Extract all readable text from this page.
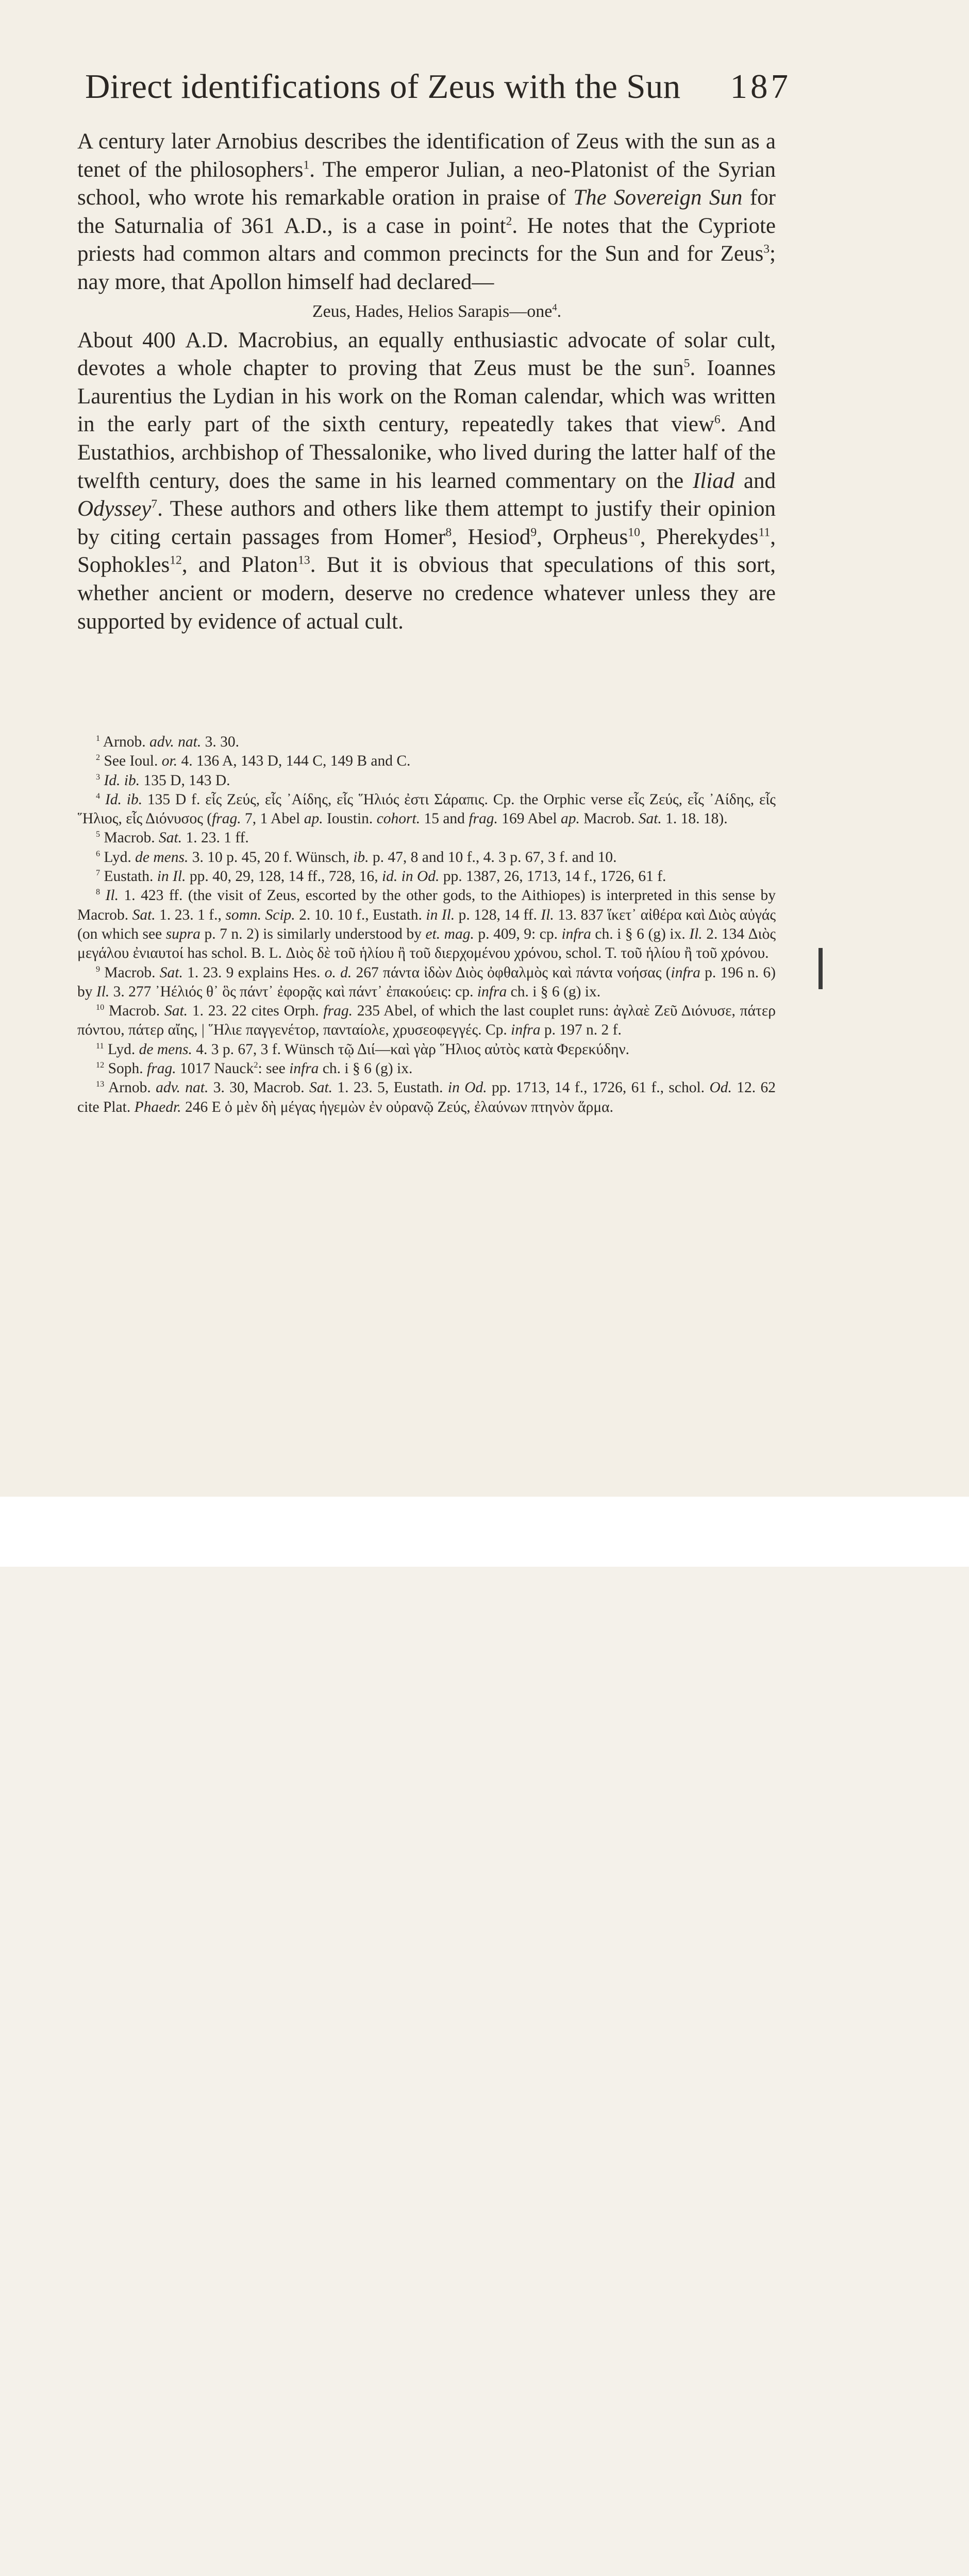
Direct identifications of Zeus with the Sun 187

A century later Arnobius describes the identification of Zeus with the sun as a tenet of the philosophers$^1$. The emperor Julian, a neo-Platonist of the Syrian school, who wrote his remarkable oration in praise of The Sovereign Sun for the Saturnalia of 361 A.D., is a case in point$^2$. He notes that the Cypriote priests had common altars and common precincts for the Sun and for Zeus$^3$; nay more, that Apollon himself had declared—

Zeus, Hades, Helios Sarapis—one$^4$.

About 400 A.D. Macrobius, an equally enthusiastic advocate of solar cult, devotes a whole chapter to proving that Zeus must be the sun$^5$. Ioannes Laurentius the Lydian in his work on the Roman calendar, which was written in the early part of the sixth century, repeatedly takes that view$^6$. And Eustathios, archbishop of Thessalonike, who lived during the latter half of the twelfth century, does the same in his learned commentary on the Iliad and Odyssey$^7$. These authors and others like them attempt to justify their opinion by citing certain passages from Homer$^8$, Hesiod$^9$, Orpheus$^{10}$, Pherekydes$^{11}$, Sophokles$^{12}$, and Platon$^{13}$. But it is obvious that speculations of this sort, whether ancient or modern, deserve no credence whatever unless they are supported by evidence of actual cult.

$^1$ Arnob. adv. nat. 3. 30.

$^2$ See Ioul. or. 4. 136 A, 143 D, 144 C, 149 B and C.

$^3$ Id. ib. 135 D, 143 D.

$^4$ Id. ib. 135 D f. εἷς Ζεύς, εἷς ᾿Αίδης, εἷς ῞Ηλιός ἐστι Σάραπις. Cp. the Orphic verse εἷς Ζεύς, εἷς ᾿Αίδης, εἷς ῞Ηλιος, εἷς Διόνυσος (frag. 7, 1 Abel ap. Ioustin. cohort. 15 and frag. 169 Abel ap. Macrob. Sat. 1. 18. 18).

$^5$ Macrob. Sat. 1. 23. 1 ff.

$^6$ Lyd. de mens. 3. 10 p. 45, 20 f. Wünsch, ib. p. 47, 8 and 10 f., 4. 3 p. 67, 3 f. and 10.

$^7$ Eustath. in Il. pp. 40, 29, 128, 14 ff., 728, 16, id. in Od. pp. 1387, 26, 1713, 14 f., 1726, 61 f.

$^8$ Il. 1. 423 ff. (the visit of Zeus, escorted by the other gods, to the Aithiopes) is interpreted in this sense by Macrob. Sat. 1. 23. 1 f., somn. Scip. 2. 10. 10 f., Eustath. in Il. p. 128, 14 ff. Il. 13. 837 ἵκετ᾿ αἰθέρα καὶ Διὸς αὐγάς (on which see supra p. 7 n. 2) is similarly understood by et. mag. p. 409, 9: cp. infra ch. i § 6 (g) ix. Il. 2. 134 Διὸς μεγάλου ἐνιαυτοί has schol. B. L. Διὸς δὲ τοῦ ἡλίου ἢ τοῦ διερχομένου χρόνου, schol. T. τοῦ ἡλίου ἢ τοῦ χρόνου.

$^9$ Macrob. Sat. 1. 23. 9 explains Hes. o. d. 267 πάντα ἰδὼν Διὸς ὀφθαλμὸς καὶ πάντα νοήσας (infra p. 196 n. 6) by Il. 3. 277 ᾿Ηέλιός θ᾿ ὃς πάντ᾿ ἐφορᾷς καὶ πάντ᾿ ἐπακούεις: cp. infra ch. i § 6 (g) ix.

$^{10}$ Macrob. Sat. 1. 23. 22 cites Orph. frag. 235 Abel, of which the last couplet runs: ἀγλαὲ Ζεῦ Διόνυσε, πάτερ πόντου, πάτερ αἴης, | ῞Ηλιε παγγενέτορ, πανταίολε, χρυσεοφεγγές. Cp. infra p. 197 n. 2 f.

$^{11}$ Lyd. de mens. 4. 3 p. 67, 3 f. Wünsch τῷ Διί—καὶ γὰρ ῞Ηλιος αὐτὸς κατὰ Φερεκύδην.

$^{12}$ Soph. frag. 1017 Nauck$^2$: see infra ch. i § 6 (g) ix.

$^{13}$ Arnob. adv. nat. 3. 30, Macrob. Sat. 1. 23. 5, Eustath. in Od. pp. 1713, 14 f., 1726, 61 f., schol. Od. 12. 62 cite Plat. Phaedr. 246 E ὁ μὲν δὴ μέγας ἡγεμὼν ἐν οὐρανῷ Ζεύς, ἐλαύνων πτηνὸν ἅρμα.
